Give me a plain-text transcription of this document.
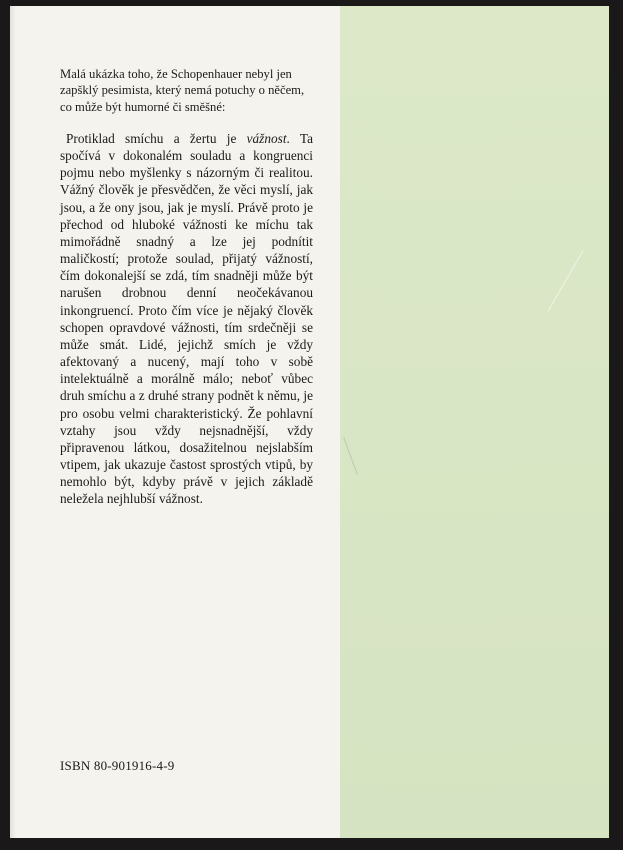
Malá ukázka toho, že Schopenhauer nebyl jen zapšklý pesimista, který nemá potuchy o něčem, co může být humorné či směšné:

Protiklad smíchu a žertu je vážnost. Ta spočívá v dokonalém souladu a kongruenci pojmu nebo myšlenky s názorným či realitou. Vážný člověk je přesvědčen, že věci myslí, jak jsou, a že ony jsou, jak je myslí. Právě proto je přechod od hluboké vážnosti ke míchu tak mimořádně snadný a lze jej podnítit maličkostí; protože soulad, přijatý vážností, čím dokonalejší se zdá, tím snadněji může být narušen drobnou denní neočekávanou inkongruencí. Proto čím více je nějaký člověk schopen opravdové vážnosti, tím srdečněji se může smát. Lidé, jejichž smích je vždy afektovaný a nucený, mají toho v sobě intelektuálně a morálně málo; neboť vůbec druh smíchu a z druhé strany podnět k němu, je pro osobu velmi charakteristický. Že pohlavní vztahy jsou vždy nejsnadnější, vždy připravenou látkou, dosažitelnou nejslabším vtipem, jak ukazuje častost sprostých vtipů, by nemohlo být, kdyby právě v jejich základě neležela nejhlubší vážnost.

ISBN 80-901916-4-9
